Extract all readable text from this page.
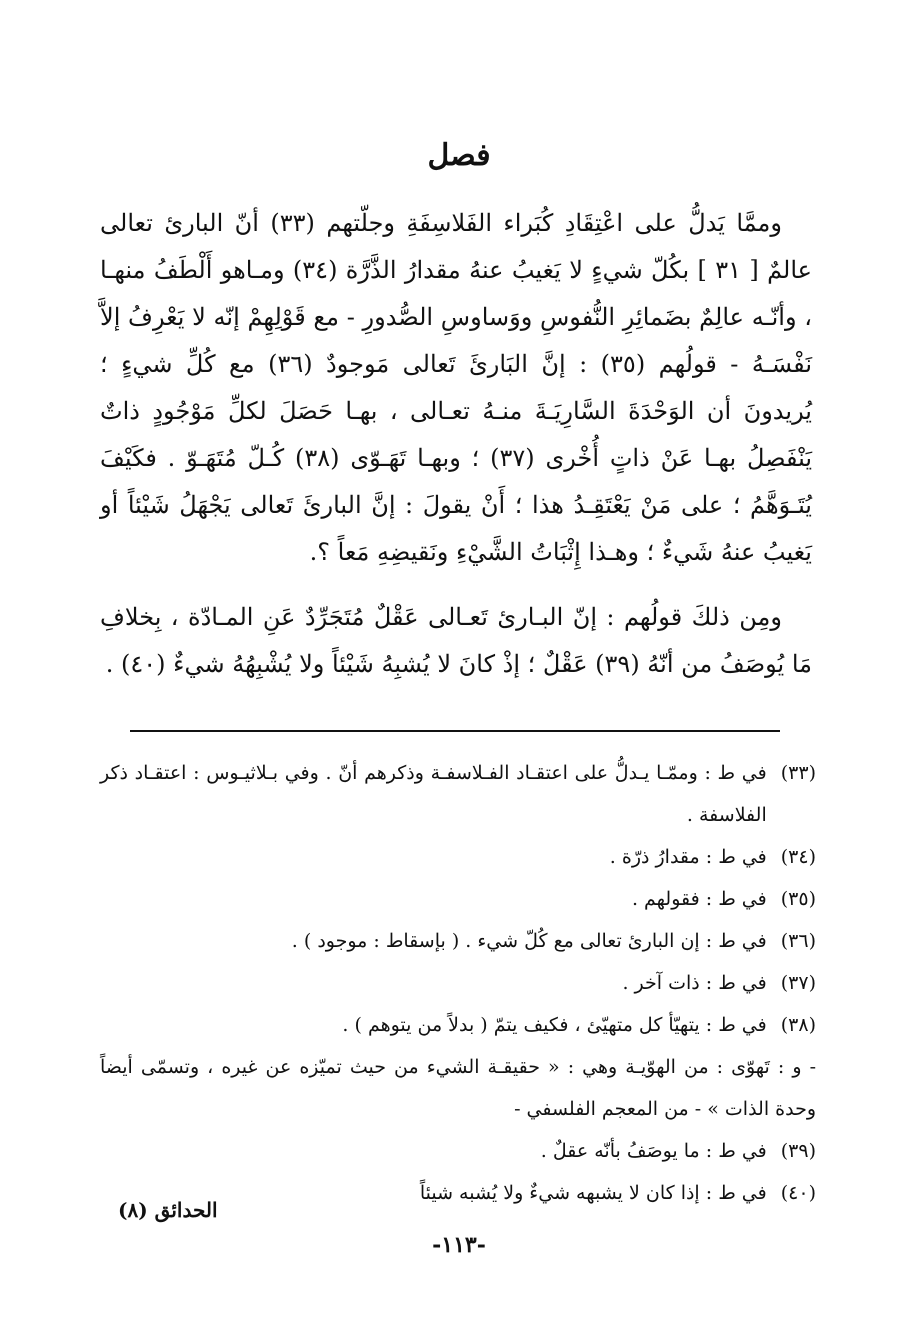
فصل

وممَّا يَدلُّ على اعْتِقَادِ كُبَراء الفَلاسِفَةِ وجلّتهم (٣٣) أنّ البارئ تعالى عالمٌ [ ٣١ ] بكُلّ شيءٍ لا يَغيبُ عنهُ مقدارُ الذَّرَّة (٣٤) ومـاهو أَلْطَفُ منهـا ، وأنّـه عالِمٌ بضَمائِرِ النُّفوسِ ووَساوسِ الصُّدورِ - مع قَوْلِهِمْ إنّه لا يَعْرِفُ إلاَّ نَفْسَـهُ - قولُهم (٣٥) : إنَّ البَارئَ تَعالى مَوجودٌ (٣٦) مع كُلِّ شيءٍ ؛ يُريدونَ أن الوَحْدَةَ السَّارِيَـةَ منـهُ تعـالى ، بهـا حَصَلَ لكلِّ مَوْجُودٍ ذاتٌ يَنْفَصِلُ بهـا عَنْ ذاتٍ أُخْرى (٣٧) ؛ وبهـا تَهَـوّى (٣٨) كُـلّ مُتَهَـوّ . فكَيْفَ يُتَـوَهَّمُ ؛ على مَنْ يَعْتَقِـدُ هذا ؛ أَنْ يقولَ : إنَّ البارئَ تَعالى يَجْهَلُ شَيْئاً أو يَغيبُ عنهُ شَيءٌ ؛ وهـذا إِثْبَاتُ الشَّيْءِ ونَقيضِهِ مَعاً ؟.

ومِن ذلكَ قولُهم : إنّ البـارئ تَعـالى عَقْلٌ مُتَجَرِّدٌ عَنِ المـادّة ، بِخلافِ مَا يُوصَفُ من أنّهُ (٣٩) عَقْلٌ ؛ إذْ كانَ لا يُشبِهُ شَيْئاً ولا يُشْبِهُهُ شيءٌ (٤٠) .

(٣٣)
في ط : وممّـا يـدلُّ على اعتقـاد الفـلاسفـة وذكرهم أنّ . وفي بـلاثيـوس : اعتقـاد ذكر الفلاسفة .
(٣٤)
في ط : مقدارُ ذرّة .
(٣٥)
في ط : فقولهم .
(٣٦)
في ط : إن البارئ تعالى مع كُلّ شيء . ( بإسقاط : موجود ) .
(٣٧)
في ط : ذات آخر .
(٣٨)
في ط : يتهيّأ كل متهيّئ ، فكيف يتمّ ( بدلاً من يتوهم ) .
- و : تَهوّى : من الهوّيـة وهي : « حقيقـة الشيء من حيث تميّزه عن غيره ، وتسمّى أيضاً وحدة الذات » - من المعجم الفلسفي -
(٣٩)
في ط : ما يوصَفُ بأنّه عقلٌ .
(٤٠)
في ط : إذا كان لا يشبهه شيءٌ ولا يُشبه شيئاً
الحدائق (٨)
-١١٣-
